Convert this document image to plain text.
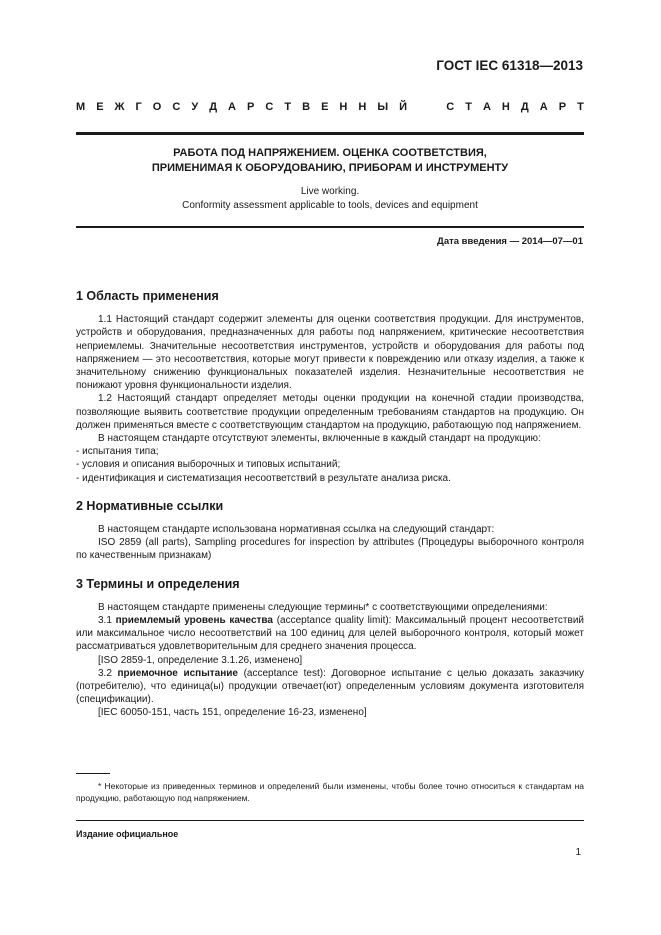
ГОСТ IEC 61318—2013

М Е Ж Г О С У Д А Р С Т В Е Н Н Ы Й

	С Т А Н Д А Р Т
РАБОТА ПОД НАПРЯЖЕНИЕМ. ОЦЕНКА СООТВЕТСТВИЯ,
ПРИМЕНИМАЯ К ОБОРУДОВАНИЮ, ПРИБОРАМ И ИНСТРУМЕНТУ
Live working.
Conformity assessment applicable to tools, devices and equipment

Дата введения — 2014—07—01

1 Область применения

1.1 Настоящий стандарт содержит элементы для оценки соответствия продукции. Для инструментов, устройств и оборудования, предназначенных для работы под напряжением, критические несоответствия неприемлемы. Значительные несоответствия инструментов, устройств и оборудования для работы под напряжением — это несоответствия, которые могут привести к повреждению или отказу изделия, а также к значительному снижению функциональных показателей изделия. Незначительные несоответствия не понижают уровня функциональности изделия.

1.2 Настоящий стандарт определяет методы оценки продукции на конечной стадии производства, позволяющие выявить соответствие продукции определенным требованиям стандартов на продукцию. Он должен применяться вместе с соответствующим стандартом на продукцию, работающую под напряжением.

В настоящем стандарте отсутствуют элементы, включенные в каждый стандарт на продукцию:

- испытания типа;

- условия и описания выборочных и типовых испытаний;

- идентификация и систематизация несоответствий в результате анализа риска.

2 Нормативные ссылки

В настоящем стандарте использована нормативная ссылка на следующий стандарт:

ISO 2859 (all parts), Sampling procedures for inspection by attributes (Процедуры выборочного контроля по качественным признакам)

3 Термины и определения

В настоящем стандарте применены следующие термины* с соответствующими определениями:

3.1 приемлемый уровень качества (acceptance quality limit): Максимальный процент несоответствий или максимальное число несоответствий на 100 единиц для целей выборочного контроля, который может рассматриваться удовлетворительным для среднего значения процесса.

[ISO 2859-1, определение 3.1.26, изменено]

3.2 приемочное испытание (acceptance test): Договорное испытание с целью доказать заказчику (потребителю), что единица(ы) продукции отвечает(ют) определенным условиям документа изготовителя (спецификации).

[IEC 60050-151, часть 151, определение 16-23, изменено]

* Некоторые из приведенных терминов и определений были изменены, чтобы более точно относиться к стандартам на продукцию, работающую под напряжением.

Издание официальное

1
